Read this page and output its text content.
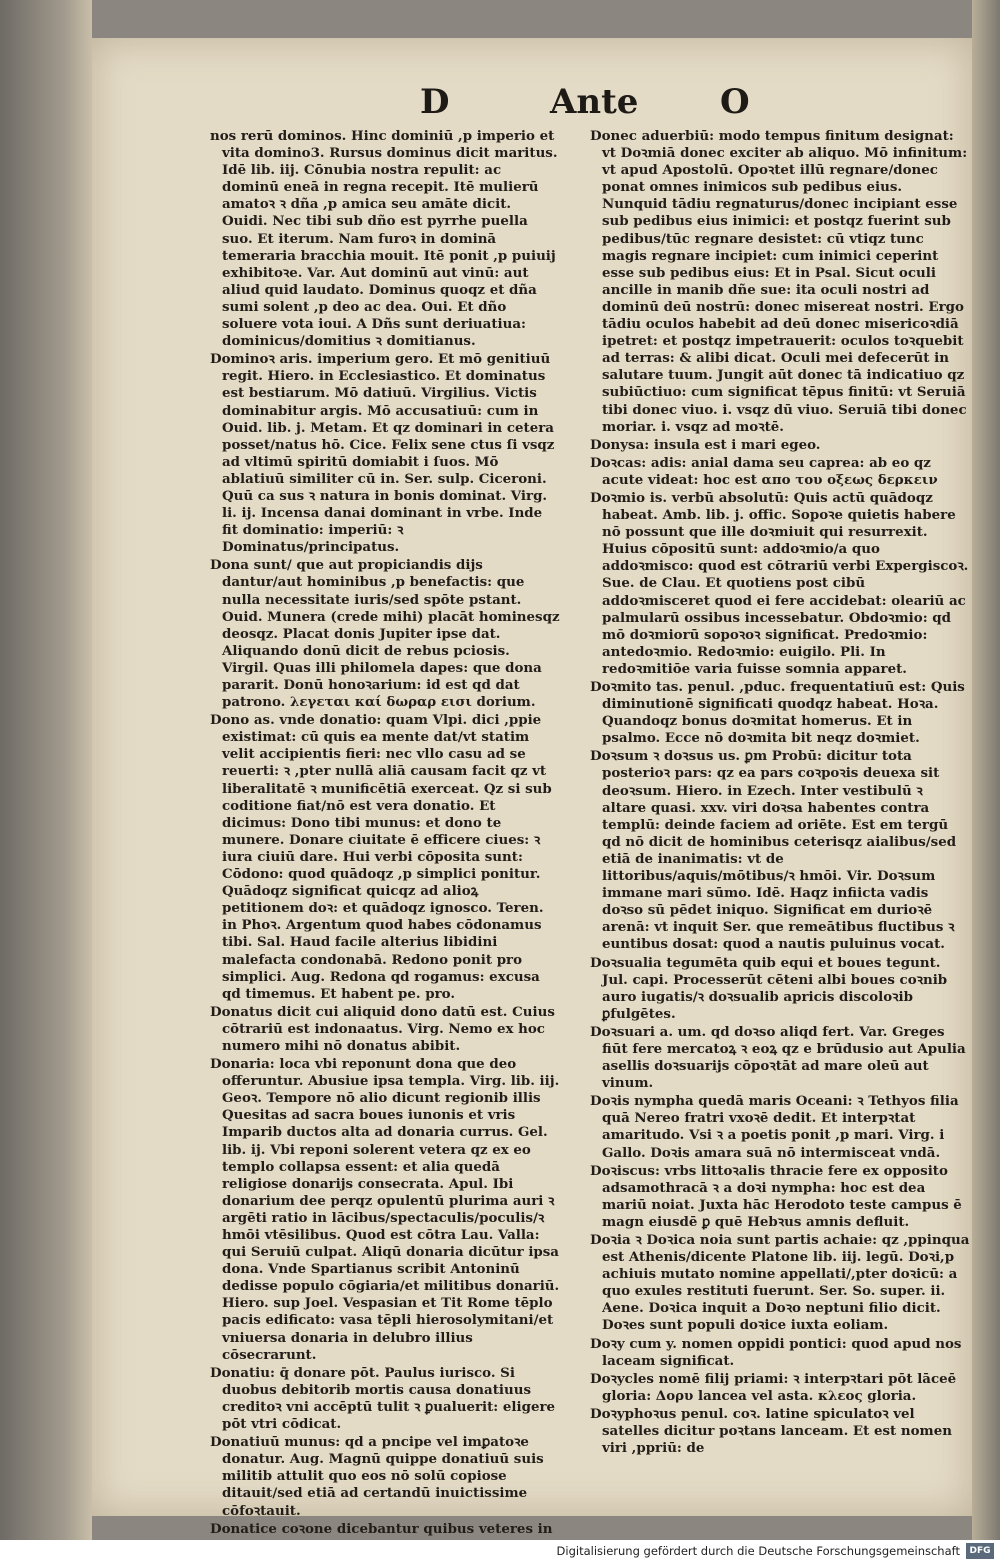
D	Ante O
nos rerū dominos. Hinc dominiū ,p imperio et vita domino3. Rursus dominus dicit maritus. Idē lib. iij. Cōnubia nostra repulit: ac dominū eneā in regna recepit. Itē mulierū amatoꝛ ꝛ dña ,p amica seu amāte dicit. Ouidi. Nec tibi sub dño est pyrrhe puella suo. Et iterum. Nam furoꝛ in dominā temeraria bracchia mouit. Itē ponit ,p puiuij exhibitoꝛe. Var. Aut dominū aut vinū: aut aliud quid laudato. Dominus quoqz et dña sumi solent ,p deo ac dea. Oui. Et dño soluere vota ioui. A Dñs sunt deriuatiua: dominicus/domitius ꝛ domitianus.
Dominoꝛ aris. imperium gero. Et mō genitiuū regit. Hiero. in Ecclesiastico. Et dominatus est bestiarum. Mō datiuū. Virgilius. Victis dominabitur argis. Mō accusatiuū: cum in Ouid. lib. j. Metam. Et qz dominari in cetera posset/natus hō. Cice. Felix sene ctus ſi vsqz ad vltimū spiritū domiabit i ſuos. Mō ablatiuū similiter cū in. Ser. sulp. Ciceroni. Quū ca sus ꝛ natura in bonis dominat. Virg. li. ij. Incensa danai dominant in vrbe. Inde fit dominatio: imperiū: ꝛ Dominatus/principatus.
Dona sunt/ que aut propiciandis dijs dantur/aut hominibus ,p benefactis: que nulla necessitate iuris/sed spōte pstant. Ouid. Munera (crede mihi) placāt hominesqz deosqz. Placat donis Jupiter ipse dat. Aliquando donū dicit de rebus pciosis. Virgil. Quas illi philomela dapes: que dona pararit. Donū honoꝛarium: id est qd dat patrono. λεγεται καί δωραρ εισι dorium.
Dono as. vnde donatio: quam Vlpi. dici ,ppie existimat: cū quis ea mente dat/vt statim velit accipientis fieri: nec vllo casu ad se reuerti: ꝛ ,pter nullā aliā causam facit qz vt liberalitatē ꝛ munificētiā exerceat. Qz si sub coditione fiat/nō est vera donatio. Et dicimus: Dono tibi munus: et dono te munere. Donare ciuitate ē efficere ciues: ꝛ iura ciuiū dare. Hui verbi cōposita sunt: Cōdono: quod quādoqz ,p simplici ponitur. Quādoqz significat quicqz ad alioꝝ petitionem doꝛ: et quādoqz ignosco. Teren. in Phoꝛ. Argentum quod habes cōdonamus tibi. Sal. Haud facile alterius libidini malefacta condonabā. Redono ponit pro simplici. Aug. Redona qd rogamus: excusa qd timemus. Et habent pe. pro.
Donatus dicit cui aliquid dono datū est. Cuius cōtrariū est indonaatus. Virg. Nemo ex hoc numero mihi nō donatus abibit.
Donaria: loca vbi reponunt dona que deo offeruntur. Abusiue ipsa templa. Virg. lib. iij. Geoꝛ. Tempore nō alio dicunt regionib illis Quesitas ad sacra boues iunonis et vris Imparib ductos alta ad donaria currus. Gel. lib. ij. Vbi reponi solerent vetera qz ex eo templo collapsa essent: et alia quedā religiose donarijs consecrata. Apul. Ibi donarium dee perqz opulentū plurima auri ꝛ argēti ratio in lācibus/spectaculis/poculis/ꝛ hmōi vtēsilibus. Quod est cōtra Lau. Valla: qui Seruiū culpat. Aliqū donaria dicūtur ipsa dona. Vnde Spartianus scribit Antoninū dedisse populo cōgiaria/et militibus donariū. Hiero. sup Joel. Vespasian et Tit Rome tēplo pacis edificato: vasa tēpli hierosolymitani/et vniuersa donaria in delubro illius cōsecrarunt.
Donatiu: q̄ donare pōt. Paulus iurisco. Si duobus debitorib mortis causa donatiuus creditoꝛ vni accēptū tulit ꝛ ꝑualuerit: eligere pōt vtri cōdicat.
Donatiuū munus: qd a pncipe vel imꝑatoꝛe donatur. Aug. Magnū quippe donatiuū suis militib attulit quo eos nō solū copiose ditauit/sed etiā ad certandū inuictissime cōfoꝛtauit.
Donatice coꝛone dicebantur quibus veteres in
Donec aduerbiū: modo tempus finitum designat: vt Doꝛmiā donec exciter ab aliquo. Mō infinitum: vt apud Apostolū. Opoꝛtet illū regnare/donec ponat omnes inimicos sub pedibus eius. Nunquid tādiu regnaturus/donec incipiant esse sub pedibus eius inimici: et postqz fuerint sub pedibus/tūc regnare desistet: cū vtiqz tunc magis regnare incipiet: cum inimici ceperint esse sub pedibus eius: Et in Psal. Sicut oculi ancille in manib dñe sue: ita oculi nostri ad dominū deū nostrū: donec misereat nostri. Ergo tādiu oculos habebit ad deū donec misericoꝛdiā ipetret: et postqz impetrauerit: oculos toꝛquebit ad terras: & alibi dicat. Oculi mei defecerūt in salutare tuum. Jungit aūt donec tā indicatiuo qz subiūctiuo: cum significat tēpus finitū: vt Seruiā tibi donec viuo. i. vsqz dū viuo. Seruiā tibi donec moriar. i. vsqz ad moꝛtē.
Donysa: insula est i mari egeo.
Doꝛcas: adis: anial dama seu caprea: ab eo qz acute videat: hoc est απο του οξεως δερκειν
Doꝛmio is. verbū absolutū: Quis actū quādoqz habeat. Amb. lib. j. offic. Sopoꝛe quietis habere nō possunt que ille doꝛmiuit qui resurrexit. Huius cōpositū sunt: addoꝛmio/a quo addoꝛmisco: quod est cōtrariū verbi Expergiscoꝛ. Sue. de Clau. Et quotiens post cibū addoꝛmisceret quod ei fere accidebat: oleariū ac palmularū ossibus incessebatur. Obdoꝛmio: qd mō doꝛmiorū sopoꝛoꝛ significat. Predoꝛmio: antedoꝛmio. Redoꝛmio: euigilo. Pli. In redoꝛmitiōe varia fuisse somnia apparet.
Doꝛmito tas. penul. ,pduc. frequentatiuū est: Quis diminutionē significati quodqz habeat. Hoꝛa. Quandoqz bonus doꝛmitat homerus. Et in psalmo. Ecce nō doꝛmita bit neqz doꝛmiet.
Doꝛsum ꝛ doꝛsus us. ꝑm Probū: dicitur tota posterioꝛ pars: qz ea pars coꝛpoꝛis deuexa sit deoꝛsum. Hiero. in Ezech. Inter vestibulū ꝛ altare quasi. xxv. viri doꝛsa habentes contra templū: deinde faciem ad oriēte. Est em tergū qd nō dicit de hominibus ceterisqz aialibus/sed etiā de inanimatis: vt de littoribus/aquis/mōtibus/ꝛ hmōi. Vir. Doꝛsum immane mari sūmo. Idē. Haqz infiicta vadis doꝛso sū pēdet iniquo. Significat em durioꝛē arenā: vt inquit Ser. que remeātibus fluctibus ꝛ euntibus dosat: quod a nautis puluinus vocat.
Doꝛsualia tegumēta quib equi et boues tegunt. Jul. capi. Processerūt cēteni albi boues coꝛnib auro iugatis/ꝛ doꝛsualib apricis discoloꝛib ꝑfulgētes.
Doꝛsuari a. um. qd doꝛso aliqd fert. Var. Greges fiūt fere mercatoꝝ ꝛ eoꝝ qz e brūdusio aut Apulia asellis doꝛsuarijs cōpoꝛtāt ad mare oleū aut vinum.
Doꝛis nympha quedā maris Oceani: ꝛ Tethyos filia quā Nereo fratri vxoꝛē dedit. Et interpꝛtat amaritudo. Vsi ꝛ a poetis ponit ,p mari. Virg. i Gallo. Doꝛis amara suā nō intermisceat vndā.
Doꝛiscus: vrbs littoꝛalis thracie fere ex opposito adsamothracā ꝛ a doꝛi nympha: hoc est dea mariū noiat. Juxta hāc Herodoto teste campus ē magn eiusdē ꝑ quē Hebꝛus amnis defluit.
Doꝛia ꝛ Doꝛica noia sunt partis achaie: qz ,ppinqua est Athenis/dicente Platone lib. iij. legū. Doꝛi,p achiuis mutato nomine appellati/,pter doꝛicū: a quo exules restituti fuerunt. Ser. So. super. ii. Aene. Doꝛica inquit a Doꝛo neptuni filio dicit. Doꝛes sunt populi doꝛice iuxta eoliam.
Doꝛy cum y. nomen oppidi pontici: quod apud nos laceam significat.
Doꝛycles nomē filij priami: ꝛ interpꝛtari pōt lāceē gloria: Δορυ lancea vel asta. κλεος gloria.
Doꝛyphoꝛus penul. coꝛ. latine spiculatoꝛ vel satelles dicitur poꝛtans lanceam. Et est nomen viri ,ppriū: de
Digitalisierung gefördert durch die Deutsche Forschungsgemeinschaft	DFG
